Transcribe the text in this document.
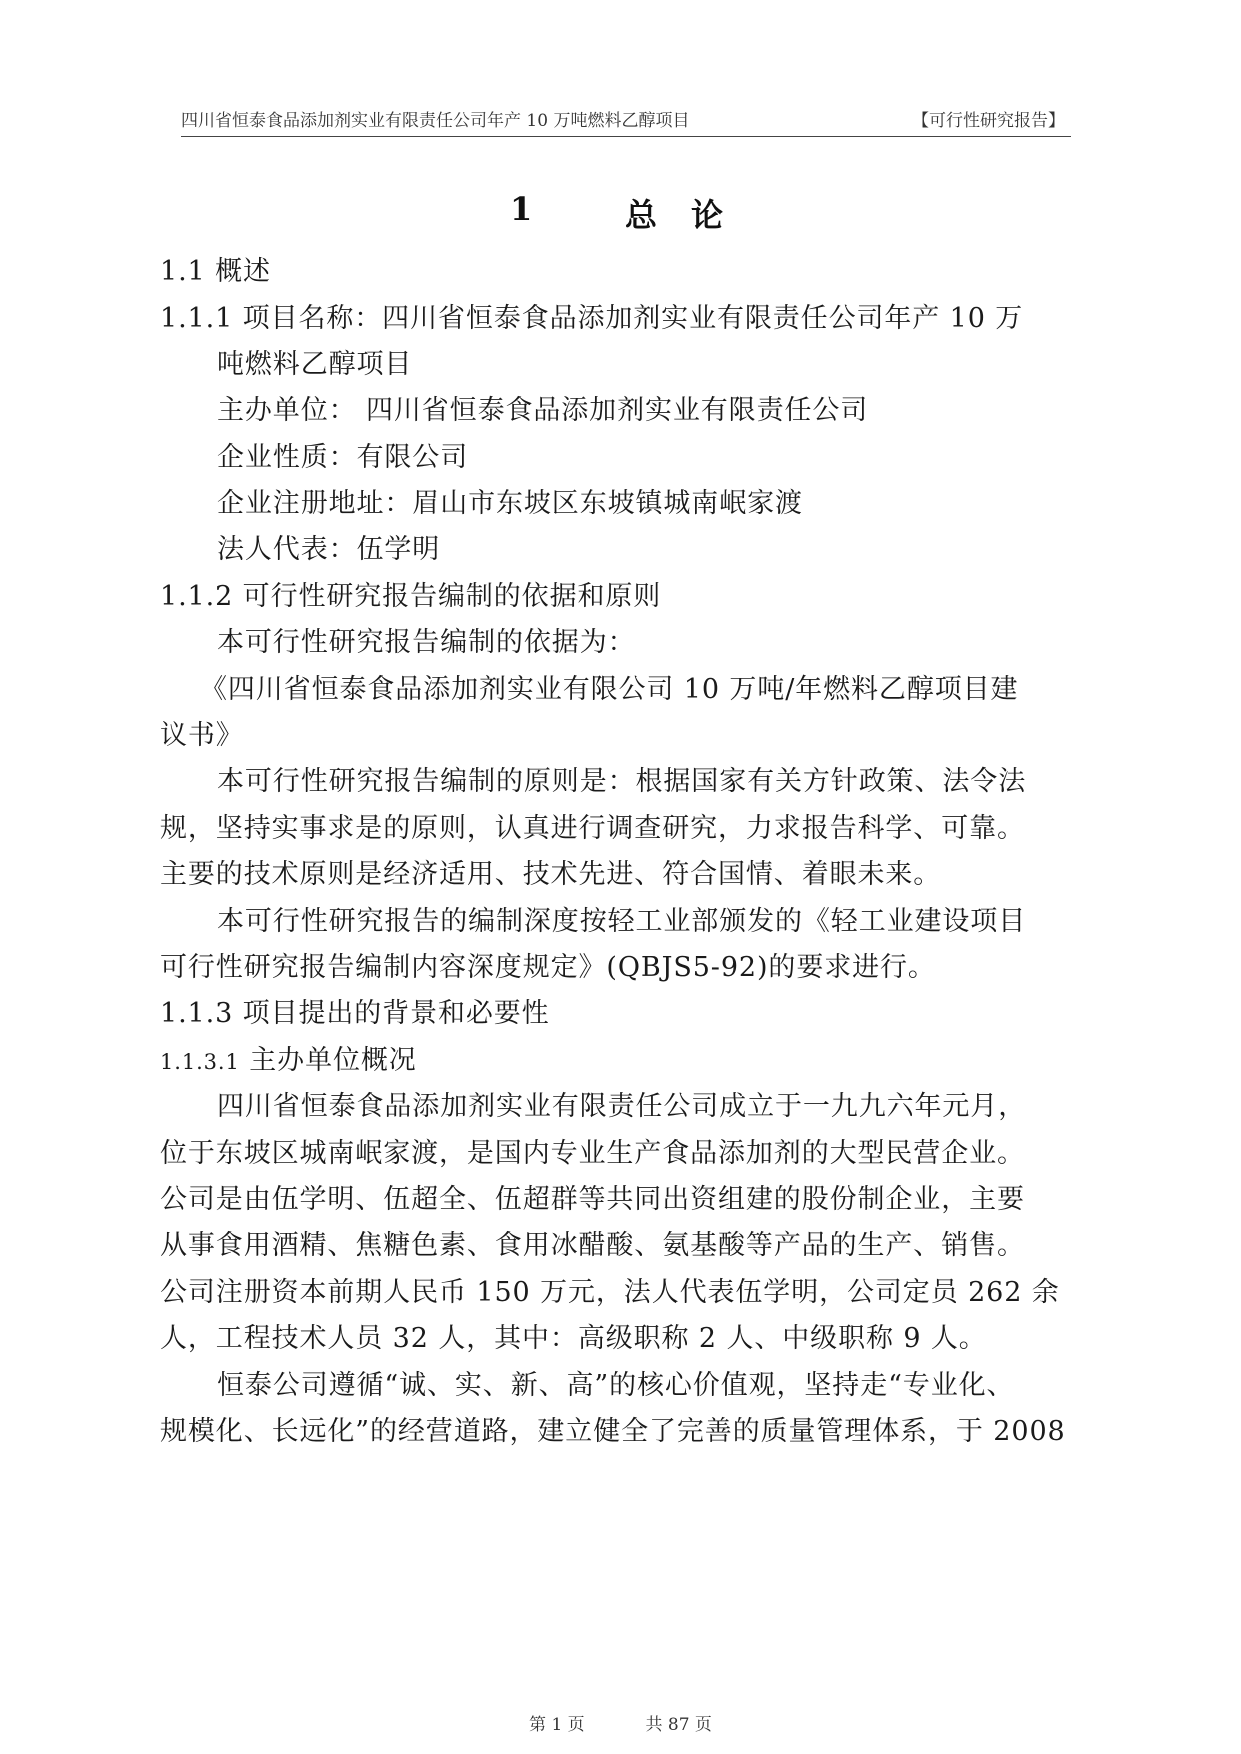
四川省恒泰食品添加剂实业有限责任公司年产 10 万吨燃料乙醇项目	【可行性研究报告】
1	总论
1.1 概述
1.1.1 项目名称：四川省恒泰食品添加剂实业有限责任公司年产 10 万
吨燃料乙醇项目
主办单位： 四川省恒泰食品添加剂实业有限责任公司
企业性质：有限公司
企业注册地址：眉山市东坡区东坡镇城南岷家渡
法人代表：伍学明
1.1.2 可行性研究报告编制的依据和原则
本可行性研究报告编制的依据为：
《四川省恒泰食品添加剂实业有限公司 10 万吨/年燃料乙醇项目建
议书》
本可行性研究报告编制的原则是：根据国家有关方针政策、法令法
规，坚持实事求是的原则，认真进行调查研究，力求报告科学、可靠。
主要的技术原则是经济适用、技术先进、符合国情、着眼未来。
本可行性研究报告的编制深度按轻工业部颁发的《轻工业建设项目
可行性研究报告编制内容深度规定》(QBJS5-92)的要求进行。
1.1.3 项目提出的背景和必要性
1.1.3.1 主办单位概况
四川省恒泰食品添加剂实业有限责任公司成立于一九九六年元月，
位于东坡区城南岷家渡，是国内专业生产食品添加剂的大型民营企业。
公司是由伍学明、伍超全、伍超群等共同出资组建的股份制企业，主要
从事食用酒精、焦糖色素、食用冰醋酸、氨基酸等产品的生产、销售。
公司注册资本前期人民币 150 万元，法人代表伍学明，公司定员 262 余
人，工程技术人员 32 人，其中：高级职称 2 人、中级职称 9 人。
恒泰公司遵循“诚、实、新、高”的核心价值观，坚持走“专业化、
规模化、长远化”的经营道路，建立健全了完善的质量管理体系，于 2008
第 1 页	共 87 页
